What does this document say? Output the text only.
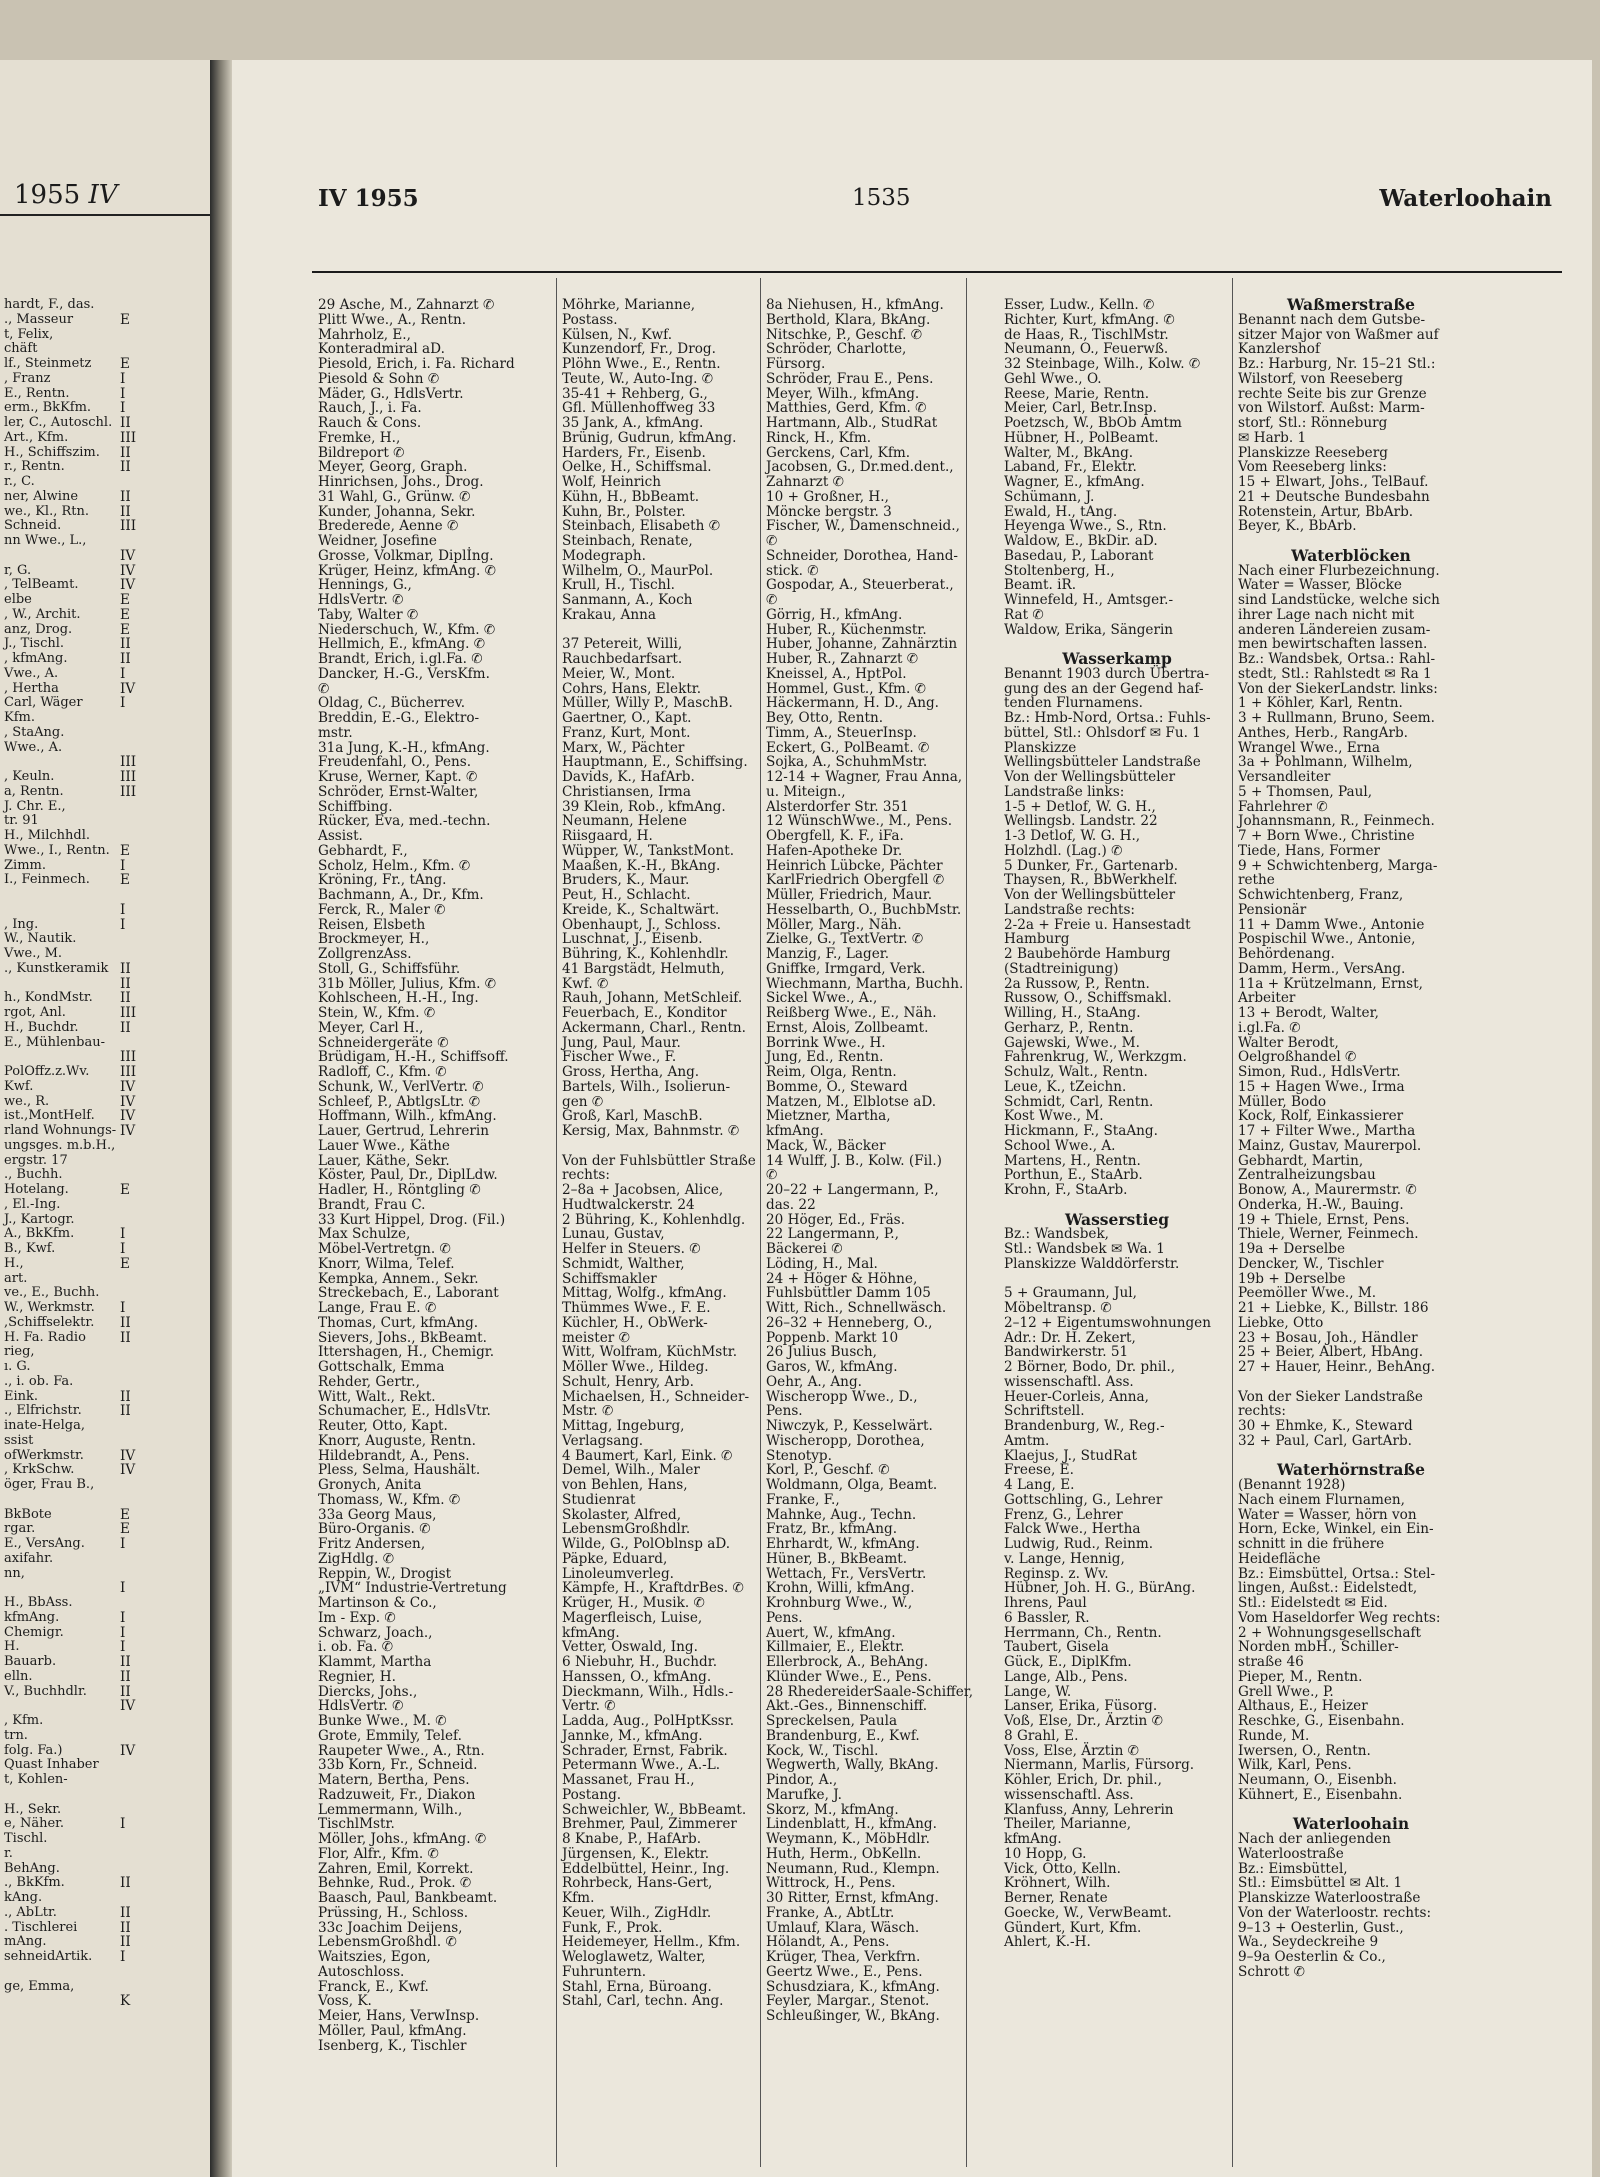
1955 IV
hardt, F., das.
., Masseur
t, Felix,
chäft
lf., Steinmetz
, Franz
E., Rentn.
erm., BkKfm.
ler, C., Autoschl.
Art., Kfm.
H., Schiffszim.
r., Rentn.
r., C.
ner, Alwine
we., Kl., Rtn.
Schneid.
nn Wwe., L.,

r, G.
, TelBeamt.
elbe
, W., Archit.
anz, Drog.
J., Tischl.
, kfmAng.
Vwe., A.
, Hertha
Carl, Wäger
Kfm.
, StaAng.
Wwe., A.

, Keuln.
a, Rentn.
J. Chr. E.,
tr. 91
H., Milchhdl.
Wwe., I., Rentn.
Zimm.
I., Feinmech.

, Ing.
W., Nautik.
Vwe., M.
., Kunstkeramik

h., KondMstr.
rgot, Anl.
H., Buchdr.
E., Mühlenbau-

PolOffz.z.Wv.
Kwf.
we., R.
ist.,MontHelf.
rland Wohnungs-
ungsges. m.b.H.,
ergstr. 17
., Buchh.
Hotelang.
, El.-Ing.
J., Kartogr.
A., BkKfm.
B., Kwf.
H.,
art.
ve., E., Buchh.
W., Werkmstr.
,Schiffselektr.
H. Fa. Radio
rieg,
ı. G.
., i. ob. Fa.
Eink.
., Elfrichstr.
inate-Helga,
ssist
ofWerkmstr.
, KrkSchw.
öger, Frau B.,

BkBote
rgar.
E., VersAng.
axifahr.
nn,

H., BbAss.
kfmAng.
Chemigr.
H.
Bauarb.
elln.
V., Buchhdlr.

, Kfm.
trn.
folg. Fa.)
Quast Inhaber
t, Kohlen-

H., Sekr.
e, Näher.
Tischl.
r.
BehAng.
., BkKfm.
kAng.
., AbLtr.
. Tischlerei
mAng.
sehneidArtik.

ge, Emma,

E

E
I
I
I
II
III
II
II

II
II
III

IV
IV
IV
E
E
E
II
II
I
IV
I

III
III
III

E
I
E

I
I

II
II
II
III
II

III
III
IV
IV
IV
IV

E

I
I
E

I
II
II

II
II

IV
IV

E
E
I

I

I
I
I
II
II
II
IV

IV

I

II

II
II
II
I

K
IV 1955	1535	Waterloohain
29 Asche, M., Zahnarzt ✆
Plitt Wwe., A., Rentn.
Mahrholz, E.,
Konteradmiral aD.
Piesold, Erich, i. Fa. Richard
Piesold & Sohn ✆
Mäder, G., HdlsVertr.
Rauch, J., i. Fa.
Rauch & Cons.
Fremke, H.,
Bildreport ✆
Meyer, Georg, Graph.
Hinrichsen, Johs., Drog.
31 Wahl, G., Grünw. ✆
Kunder, Johanna, Sekr.
Brederede, Aenne ✆
Weidner, Josefine
Grosse, Volkmar, Diplİng.
Krüger, Heinz, kfmAng. ✆
Hennings, G.,
HdlsVertr. ✆
Taby, Walter ✆
Niederschuch, W., Kfm. ✆
Hellmich, E., kfmAng. ✆
Brandt, Erich, i.gl.Fa. ✆
Dancker, H.-G., VersKfm.
✆
Oldag, C., Bücherrev.
Breddin, E.-G., Elektro-
mstr.
31a Jung, K.-H., kfmAng.
Freudenfahl, O., Pens.
Kruse, Werner, Kapt. ✆
Schröder, Ernst-Walter,
Schiffbing.
Rücker, Eva, med.-techn.
Assist.
Gebhardt, F.,
Scholz, Helm., Kfm. ✆
Kröning, Fr., tAng.
Bachmann, A., Dr., Kfm.
Ferck, R., Maler ✆
Reisen, Elsbeth
Brockmeyer, H.,
ZollgrenzAss.
Stoll, G., Schiffsführ.
31b Möller, Julius, Kfm. ✆
Kohlscheen, H.-H., Ing.
Stein, W., Kfm. ✆
Meyer, Carl H.,
Schneidergeräte ✆
Brüdigam, H.-H., Schiffsoff.
Radloff, C., Kfm. ✆
Schunk, W., VerlVertr. ✆
Schleef, P., AbtlgsLtr. ✆
Hoffmann, Wilh., kfmAng.
Lauer, Gertrud, Lehrerin
Lauer Wwe., Käthe
Lauer, Käthe, Sekr.
Köster, Paul, Dr., DiplLdw.
Hadler, H., Röntgling ✆
Brandt, Frau C.
33 Kurt Hippel, Drog. (Fil.)
Max Schulze,
Möbel-Vertretgn. ✆
Knorr, Wilma, Telef.
Kempka, Annem., Sekr.
Streckebach, E., Laborant
Lange, Frau E. ✆
Thomas, Curt, kfmAng.
Sievers, Johs., BkBeamt.
Ittershagen, H., Chemigr.
Gottschalk, Emma
Rehder, Gertr.,
Witt, Walt., Rekt.
Schumacher, E., HdlsVtr.
Reuter, Otto, Kapt.
Knorr, Auguste, Rentn.
Hildebrandt, A., Pens.
Pless, Selma, Haushält.
Gronych, Anita
Thomass, W., Kfm. ✆
33a Georg Maus,
Büro-Organis. ✆
Fritz Andersen,
ZigHdlg. ✆
Reppin, W., Drogist
„IVM“ Industrie-Vertretung
Martinson & Co.,
Im - Exp. ✆
Schwarz, Joach.,
i. ob. Fa. ✆
Klammt, Martha
Regnier, H.
Diercks, Johs.,
HdlsVertr. ✆
Bunke Wwe., M. ✆
Grote, Emmily, Telef.
Raupeter Wwe., A., Rtn.
33b Korn, Fr., Schneid.
Matern, Bertha, Pens.
Radzuweit, Fr., Diakon
Lemmermann, Wilh.,
TischlMstr.
Möller, Johs., kfmAng. ✆
Flor, Alfr., Kfm. ✆
Zahren, Emil, Korrekt.
Behnke, Rud., Prok. ✆
Baasch, Paul, Bankbeamt.
Prüssing, H., Schloss.
33c Joachim Deijens,
LebensmGroßhdl. ✆
Waitszies, Egon,
Autoschloss.
Franck, E., Kwf.
Voss, K.
Meier, Hans, VerwInsp.
Möller, Paul, kfmAng.
Isenberg, K., Tischler
Möhrke, Marianne,
Postass.
Külsen, N., Kwf.
Kunzendorf, Fr., Drog.
Plöhn Wwe., E., Rentn.
Teute, W., Auto-Ing. ✆
35-41 + Rehberg, G.,
Gfl. Müllenhoffweg 33
35 Jank, A., kfmAng.
Brünig, Gudrun, kfmAng.
Harders, Fr., Eisenb.
Oelke, H., Schiffsmal.
Wolf, Heinrich
Kühn, H., BbBeamt.
Kuhn, Br., Polster.
Steinbach, Elisabeth ✆
Steinbach, Renate,
Modegraph.
Wilhelm, O., MaurPol.
Krull, H., Tischl.
Sanmann, A., Koch
Krakau, Anna

37 Petereit, Willi,
Rauchbedarfsart.
Meier, W., Mont.
Cohrs, Hans, Elektr.
Müller, Willy P., MaschB.
Gaertner, O., Kapt.
Franz, Kurt, Mont.
Marx, W., Pächter
Hauptmann, E., Schiffsing.
Davids, K., HafArb.
Christiansen, Irma
39 Klein, Rob., kfmAng.
Neumann, Helene
Riisgaard, H.
Wüpper, W., TankstMont.
Maaßen, K.-H., BkAng.
Bruders, K., Maur.
Peut, H., Schlacht.
Kreide, K., Schaltwärt.
Obenhaupt, J., Schloss.
Luschnat, J., Eisenb.
Bühring, K., Kohlenhdlr.
41 Bargstädt, Helmuth,
Kwf. ✆
Rauh, Johann, MetSchleif.
Feuerbach, E., Konditor
Ackermann, Charl., Rentn.
Jung, Paul, Maur.
Fischer Wwe., F.
Gross, Hertha, Ang.
Bartels, Wilh., Isolierun-
gen ✆
Groß, Karl, MaschB.
Kersig, Max, Bahnmstr. ✆

Von der Fuhlsbüttler Straße
rechts:
2–8a + Jacobsen, Alice,
Hudtwalckerstr. 24
2 Bühring, K., Kohlenhdlg.
Lunau, Gustav,
Helfer in Steuers. ✆
Schmidt, Walther,
Schiffsmakler
Mittag, Wolfg., kfmAng.
Thümmes Wwe., F. E.
Küchler, H., ObWerk-
meister ✆
Witt, Wolfram, KüchMstr.
Möller Wwe., Hildeg.
Schult, Henry, Arb.
Michaelsen, H., Schneider-
Mstr. ✆
Mittag, Ingeburg,
Verlagsang.
4 Baumert, Karl, Eink. ✆
Demel, Wilh., Maler
von Behlen, Hans,
Studienrat
Skolaster, Alfred,
LebensmGroßhdlr.
Wilde, G., PolOblnsp aD.
Päpke, Eduard,
Linoleumverleg.
Kämpfe, H., KraftdrBes. ✆
Krüger, H., Musik. ✆
Magerfleisch, Luise,
kfmAng.
Vetter, Oswald, Ing.
6 Niebuhr, H., Buchdr.
Hanssen, O., kfmAng.
Dieckmann, Wilh., Hdls.-
Vertr. ✆
Ladda, Aug., PolHptKssr.
Jannke, M., kfmAng.
Schrader, Ernst, Fabrik.
Petermann Wwe., A.-L.
Massanet, Frau H.,
Postang.
Schweichler, W., BbBeamt.
Brehmer, Paul, Zimmerer
8 Knabe, P., HafArb.
Jürgensen, K., Elektr.
Eddelbüttel, Heinr., Ing.
Rohrbeck, Hans-Gert,
Kfm.
Keuer, Wilh., ZigHdlr.
Funk, F., Prok.
Heidemeyer, Hellm., Kfm.
Weloglawetz, Walter,
Fuhruntern.
Stahl, Erna, Büroang.
Stahl, Carl, techn. Ang.
8a Niehusen, H., kfmAng.
Berthold, Klara, BkAng.
Nitschke, P., Geschf. ✆
Schröder, Charlotte,
Fürsorg.
Schröder, Frau E., Pens.
Meyer, Wilh., kfmAng.
Matthies, Gerd, Kfm. ✆
Hartmann, Alb., StudRat
Rinck, H., Kfm.
Gerckens, Carl, Kfm.
Jacobsen, G., Dr.med.dent.,
Zahnarzt ✆
10 + Großner, H.,
Möncke bergstr. 3
Fischer, W., Damenschneid.,
✆
Schneider, Dorothea, Hand-
stick. ✆
Gospodar, A., Steuerberat.,
✆
Görrig, H., kfmAng.
Huber, R., Küchenmstr.
Huber, Johanne, Zahnärztin
Huber, R., Zahnarzt ✆
Kneissel, A., HptPol.
Hommel, Gust., Kfm. ✆
Häckermann, H. D., Ang.
Bey, Otto, Rentn.
Timm, A., SteuerInsp.
Eckert, G., PolBeamt. ✆
Sojka, A., SchuhmMstr.
12-14 + Wagner, Frau Anna,
u. Miteign.,
Alsterdorfer Str. 351
12 WünschWwe., M., Pens.
Obergfell, K. F., iFa.
Hafen-Apotheke Dr.
Heinrich Lübcke, Pächter
KarlFriedrich Obergfell ✆
Müller, Friedrich, Maur.
Hesselbarth, O., BuchbMstr.
Möller, Marg., Näh.
Zielke, G., TextVertr. ✆
Manzig, F., Lager.
Gniffke, Irmgard, Verk.
Wiechmann, Martha, Buchh.
Sickel Wwe., A.,
Reißberg Wwe., E., Näh.
Ernst, Alois, Zollbeamt.
Borrink Wwe., H.
Jung, Ed., Rentn.
Reim, Olga, Rentn.
Bomme, O., Steward
Matzen, M., Elblotse aD.
Mietzner, Martha,
kfmAng.
Mack, W., Bäcker
14 Wulff, J. B., Kolw. (Fil.)
✆
20–22 + Langermann, P.,
das. 22
20 Höger, Ed., Fräs.
22 Langermann, P.,
Bäckerei ✆
Löding, H., Mal.
24 + Höger & Höhne,
Fuhlsbüttler Damm 105
Witt, Rich., Schnellwäsch.
26–32 + Henneberg, O.,
Poppenb. Markt 10
26 Julius Busch,
Garos, W., kfmAng.
Oehr, A., Ang.
Wischeropp Wwe., D.,
Pens.
Niwczyk, P., Kesselwärt.
Wischeropp, Dorothea,
Stenotyp.
Korl, P., Geschf. ✆
Woldmann, Olga, Beamt.
Franke, F.,
Mahnke, Aug., Techn.
Fratz, Br., kfmAng.
Ehrhardt, W., kfmAng.
Hüner, B., BkBeamt.
Wettach, Fr., VersVertr.
Krohn, Willi, kfmAng.
Krohnburg Wwe., W.,
Pens.
Auert, W., kfmAng.
Killmaier, E., Elektr.
Ellerbrock, A., BehAng.
Klünder Wwe., E., Pens.
28 RhedereiderSaale-Schiffer,
Akt.-Ges., Binnenschiff.
Spreckelsen, Paula
Brandenburg, E., Kwf.
Kock, W., Tischl.
Wegwerth, Wally, BkAng.
Pindor, A.,
Marufke, J.
Skorz, M., kfmAng.
Lindenblatt, H., kfmAng.
Weymann, K., MöbHdlr.
Huth, Herm., ObKelln.
Neumann, Rud., Klempn.
Wittrock, H., Pens.
30 Ritter, Ernst, kfmAng.
Franke, A., AbtLtr.
Umlauf, Klara, Wäsch.
Hölandt, A., Pens.
Krüger, Thea, Verkfrn.
Geertz Wwe., E., Pens.
Schusdziara, K., kfmAng.
Feyler, Margar., Stenot.
Schleußinger, W., BkAng.
Esser, Ludw., Kelln. ✆
Richter, Kurt, kfmAng. ✆
de Haas, R., TischlMstr.
Neumann, O., Feuerwß.
32 Steinbage, Wilh., Kolw. ✆
Gehl Wwe., O.
Reese, Marie, Rentn.
Meier, Carl, Betr.Insp.
Poetzsch, W., BbOb Amtm
Hübner, H., PolBeamt.
Walter, M., BkAng.
Laband, Fr., Elektr.
Wagner, E., kfmAng.
Schümann, J.
Ewald, H., tAng.
Heyenga Wwe., S., Rtn.
Waldow, E., BkDir. aD.
Basedau, P., Laborant
Stoltenberg, H.,
Beamt. iR.
Winnefeld, H., Amtsger.-
Rat ✆
Waldow, Erika, Sängerin

Wasserkamp
Benannt 1903 durch Übertra-
gung des an der Gegend haf-
tenden Flurnamens.
Bz.: Hmb-Nord, Ortsa.: Fuhls-
büttel, Stl.: Ohlsdorf ✉ Fu. 1
Planskizze
Wellingsbütteler Landstraße
Von der Wellingsbütteler
Landstraße links:
1-5 + Detlof, W. G. H.,
Wellingsb. Landstr. 22
1-3 Detlof, W. G. H.,
Holzhdl. (Lag.) ✆
5 Dunker, Fr., Gartenarb.
Thaysen, R., BbWerkhelf.
Von der Wellingsbütteler
Landstraße rechts:
2-2a + Freie u. Hansestadt
Hamburg
2 Baubehörde Hamburg
(Stadtreinigung)
2a Russow, P., Rentn.
Russow, O., Schiffsmakl.
Willing, H., StaAng.
Gerharz, P., Rentn.
Gajewski, Wwe., M.
Fahrenkrug, W., Werkzgm.
Schulz, Walt., Rentn.
Leue, K., tZeichn.
Schmidt, Carl, Rentn.
Kost Wwe., M.
Hickmann, F., StaAng.
School Wwe., A.
Martens, H., Rentn.
Porthun, E., StaArb.
Krohn, F., StaArb.

Wasserstieg
Bz.: Wandsbek,
Stl.: Wandsbek ✉ Wa. 1
Planskizze Walddörferstr.

5 + Graumann, Jul,
Möbeltransp. ✆
2–12 + Eigentumswohnungen
Adr.: Dr. H. Zekert,
Bandwirkerstr. 51
2 Börner, Bodo, Dr. phil.,
wissenschaftl. Ass.
Heuer-Corleis, Anna,
Schriftstell.
Brandenburg, W., Reg.-
Amtm.
Klaejus, J., StudRat
Freese, E.
4 Lang, E.
Gottschling, G., Lehrer
Frenz, G., Lehrer
Falck Wwe., Hertha
Ludwig, Rud., Reinm.
v. Lange, Hennig,
Reginsp. z. Wv.
Hübner, Joh. H. G., BürAng.
Ihrens, Paul
6 Bassler, R.
Herrmann, Ch., Rentn.
Taubert, Gisela
Gück, E., DiplKfm.
Lange, Alb., Pens.
Lange, W.
Lanser, Erika, Füsorg.
Voß, Else, Dr., Ärztin ✆
8 Grahl, E.
Voss, Else, Ärztin ✆
Niermann, Marlis, Fürsorg.
Köhler, Erich, Dr. phil.,
wissenschaftl. Ass.
Klanfuss, Anny, Lehrerin
Theiler, Marianne,
kfmAng.
10 Hopp, G.
Vick, Otto, Kelln.
Kröhnert, Wilh.
Berner, Renate
Goecke, W., VerwBeamt.
Gündert, Kurt, Kfm.
Ahlert, K.-H.
Waßmerstraße
Benannt nach dem Gutsbe-
sitzer Major von Waßmer auf
Kanzlershof
Bz.: Harburg, Nr. 15–21 Stl.:
Wilstorf, von Reeseberg
rechte Seite bis zur Grenze
von Wilstorf. Außst: Marm-
storf, Stl.: Rönneburg
✉ Harb. 1
Planskizze Reeseberg
Vom Reeseberg links:
15 + Elwart, Johs., TelBauf.
21 + Deutsche Bundesbahn
Rotenstein, Artur, BbArb.
Beyer, K., BbArb.

Waterblöcken
Nach einer Flurbezeichnung.
Water = Wasser, Blöcke
sind Landstücke, welche sich
ihrer Lage nach nicht mit
anderen Ländereien zusam-
men bewirtschaften lassen.
Bz.: Wandsbek, Ortsa.: Rahl-
stedt, Stl.: Rahlstedt ✉ Ra 1
Von der SiekerLandstr. links:
1 + Köhler, Karl, Rentn.
3 + Rullmann, Bruno, Seem.
Anthes, Herb., RangArb.
Wrangel Wwe., Erna
3a + Pohlmann, Wilhelm,
Versandleiter
5 + Thomsen, Paul,
Fahrlehrer ✆
Johannsmann, R., Feinmech.
7 + Born Wwe., Christine
Tiede, Hans, Former
9 + Schwichtenberg, Marga-
rethe
Schwichtenberg, Franz,
Pensionär
11 + Damm Wwe., Antonie
Pospischil Wwe., Antonie,
Behördenang.
Damm, Herm., VersAng.
11a + Krützelmann, Ernst,
Arbeiter
13 + Berodt, Walter,
i.gl.Fa. ✆
Walter Berodt,
Oelgroßhandel ✆
Simon, Rud., HdlsVertr.
15 + Hagen Wwe., Irma
Müller, Bodo
Kock, Rolf, Einkassierer
17 + Filter Wwe., Martha
Mainz, Gustav, Maurerpol.
Gebhardt, Martin,
Zentralheizungsbau
Bonow, A., Maurermstr. ✆
Onderka, H.-W., Bauing.
19 + Thiele, Ernst, Pens.
Thiele, Werner, Feinmech.
19a + Derselbe
Dencker, W., Tischler
19b + Derselbe
Peemöller Wwe., M.
21 + Liebke, K., Billstr. 186
Liebke, Otto
23 + Bosau, Joh., Händler
25 + Beier, Albert, HbAng.
27 + Hauer, Heinr., BehAng.

Von der Sieker Landstraße
rechts:
30 + Ehmke, K., Steward
32 + Paul, Carl, GartArb.

Waterhörnstraße
(Benannt 1928)
Nach einem Flurnamen,
Water = Wasser, hörn von
Horn, Ecke, Winkel, ein Ein-
schnitt in die frühere
Heidefläche
Bz.: Eimsbüttel, Ortsa.: Stel-
lingen, Außst.: Eidelstedt,
Stl.: Eidelstedt ✉ Eid.
Vom Haseldorfer Weg rechts:
2 + Wohnungsgesellschaft
Norden mbH., Schiller-
straße 46
Pieper, M., Rentn.
Grell Wwe., P.
Althaus, E., Heizer
Reschke, G., Eisenbahn.
Runde, M.
Iwersen, O., Rentn.
Wilk, Karl, Pens.
Neumann, O., Eisenbh.
Kühnert, E., Eisenbahn.

Waterloohain
Nach der anliegenden
Waterloostraße
Bz.: Eimsbüttel,
Stl.: Eimsbüttel ✉ Alt. 1
Planskizze Waterloostraße
Von der Waterloostr. rechts:
9–13 + Oesterlin, Gust.,
Wa., Seydeckreihe 9
9–9a Oesterlin & Co.,
Schrott ✆
